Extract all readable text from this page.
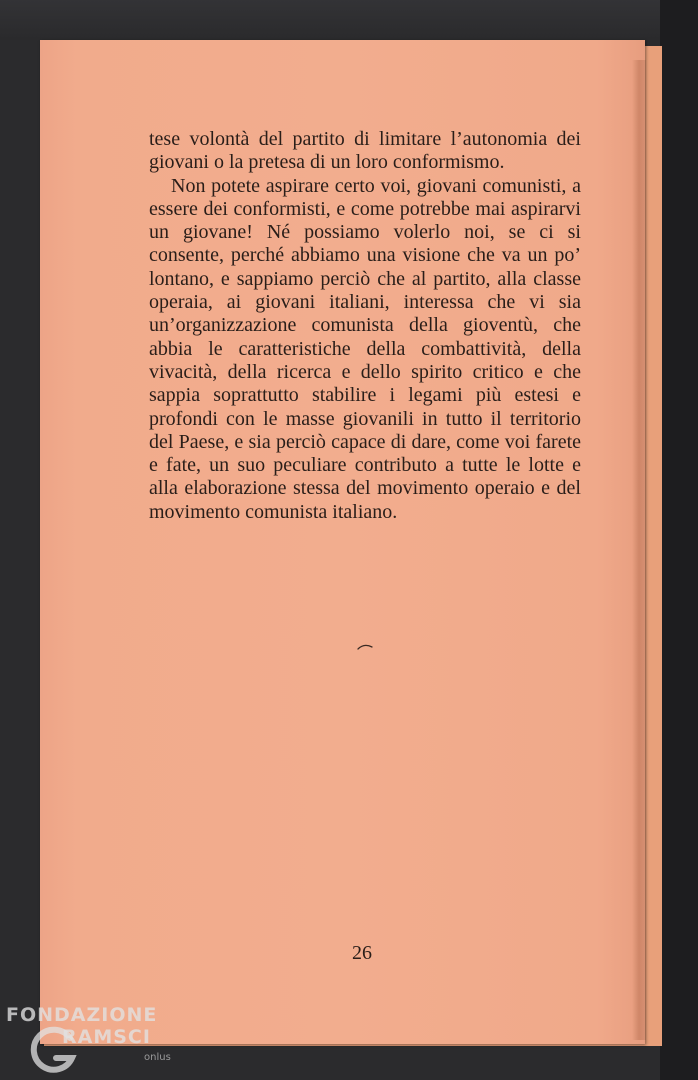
tese volontà del partito di limitare l’autonomia dei giovani o la pretesa di un loro conformismo.

Non potete aspirare certo voi, giovani comunisti, a essere dei conformisti, e come potrebbe mai aspirarvi un giovane! Né possiamo volerlo noi, se ci si consente, perché abbiamo una visione che va un po’ lontano, e sappiamo perciò che al partito, alla classe operaia, ai giovani italiani, interessa che vi sia un’organizzazione comunista della gioventù, che abbia le caratteristiche della combattività, della vivacità, della ricerca e dello spirito critico e che sappia soprattutto stabilire i legami più estesi e profondi con le masse giovanili in tutto il territorio del Paese, e sia perciò capace di dare, come voi farete e fate, un suo peculiare contributo a tutte le lotte e alla elaborazione stessa del movimento operaio e del movimento comunista italiano.

26
FONDAZIONE
RAMSCI
onlus
